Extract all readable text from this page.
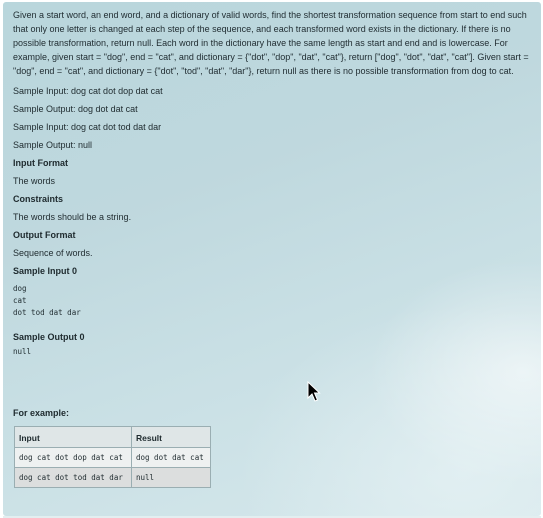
Given a start word, an end word, and a dictionary of valid words, find the shortest transformation sequence from start to end such that only one letter is changed at each step of the sequence, and each transformed word exists in the dictionary. If there is no possible transformation, return null. Each word in the dictionary have the same length as start and end and is lowercase. For example, given start = "dog", end = "cat", and dictionary = {"dot", "dop", "dat", "cat"}, return ["dog", "dot", "dat", "cat"]. Given start = "dog", end = "cat", and dictionary = {"dot", "tod", "dat", "dar"}, return null as there is no possible transformation from dog to cat.

Sample Input: dog cat dot dop dat cat

Sample Output: dog dot dat cat

Sample Input: dog cat dot tod dat dar

Sample Output: null

Input Format

The words

Constraints

The words should be a string.

Output Format

Sequence of words.

Sample Input 0

dog

cat

dot tod dat dar

Sample Output 0

null

For example:

Input	Result
dog cat dot dop dat cat	dog dot dat cat
dog cat dot tod dat dar	null
